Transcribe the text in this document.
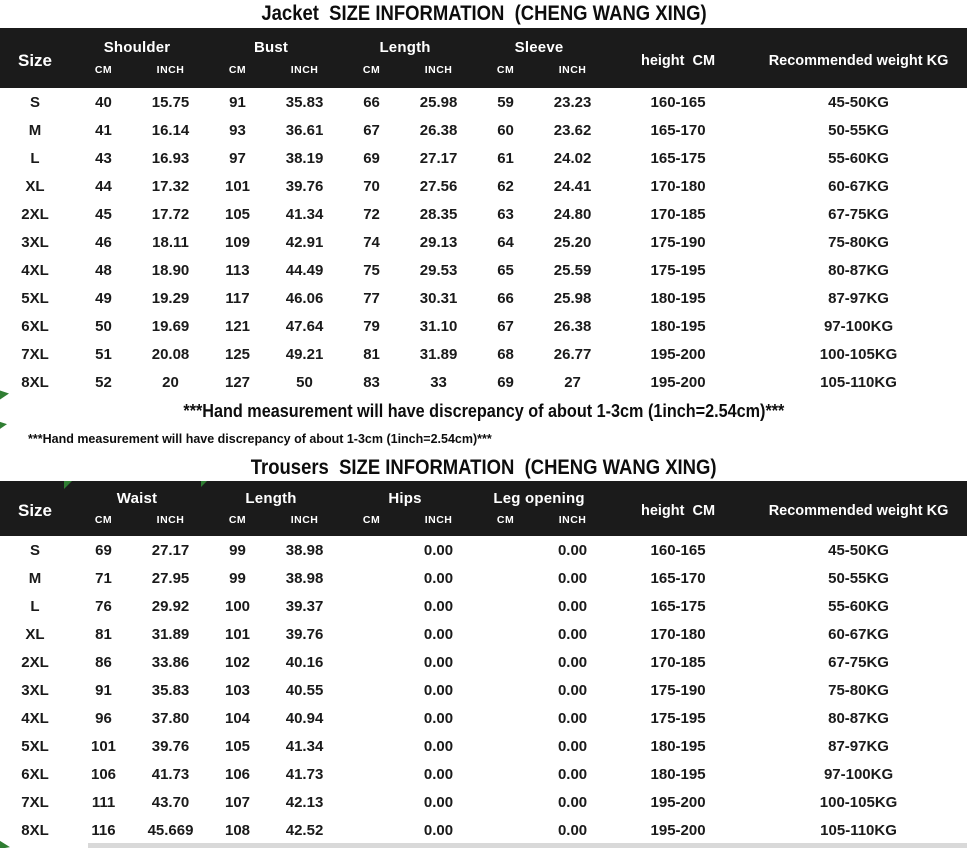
Jacket  SIZE INFORMATION  (CHENG WANG XING)
Size	Shoulder		Bust		Length		Sleeve		height  CM	Recommended weight KG
	CM	INCH	CM	INCH	CM	INCH	CM	INCH		
S	40	15.75	91	35.83	66	25.98	59	23.23	160-165	45-50KG
M	41	16.14	93	36.61	67	26.38	60	23.62	165-170	50-55KG
L	43	16.93	97	38.19	69	27.17	61	24.02	165-175	55-60KG
XL	44	17.32	101	39.76	70	27.56	62	24.41	170-180	60-67KG
2XL	45	17.72	105	41.34	72	28.35	63	24.80	170-185	67-75KG
3XL	46	18.11	109	42.91	74	29.13	64	25.20	175-190	75-80KG
4XL	48	18.90	113	44.49	75	29.53	65	25.59	175-195	80-87KG
5XL	49	19.29	117	46.06	77	30.31	66	25.98	180-195	87-97KG
6XL	50	19.69	121	47.64	79	31.10	67	26.38	180-195	97-100KG
7XL	51	20.08	125	49.21	81	31.89	68	26.77	195-200	100-105KG
8XL	52	20	127	50	83	33	69	27	195-200	105-110KG
***Hand measurement will have discrepancy of about 1-3cm (1inch=2.54cm)***
***Hand measurement will have discrepancy of about 1-3cm (1inch=2.54cm)***
Trousers  SIZE INFORMATION  (CHENG WANG XING)
Size	Waist		Length		Hips		Leg opening		height  CM	Recommended weight KG
	CM	INCH	CM	INCH	CM	INCH	CM	INCH		
S	69	27.17	99	38.98		0.00		0.00	160-165	45-50KG
M	71	27.95	99	38.98		0.00		0.00	165-170	50-55KG
L	76	29.92	100	39.37		0.00		0.00	165-175	55-60KG
XL	81	31.89	101	39.76		0.00		0.00	170-180	60-67KG
2XL	86	33.86	102	40.16		0.00		0.00	170-185	67-75KG
3XL	91	35.83	103	40.55		0.00		0.00	175-190	75-80KG
4XL	96	37.80	104	40.94		0.00		0.00	175-195	80-87KG
5XL	101	39.76	105	41.34		0.00		0.00	180-195	87-97KG
6XL	106	41.73	106	41.73		0.00		0.00	180-195	97-100KG
7XL	111	43.70	107	42.13		0.00		0.00	195-200	100-105KG
8XL	116	45.669	108	42.52		0.00		0.00	195-200	105-110KG
